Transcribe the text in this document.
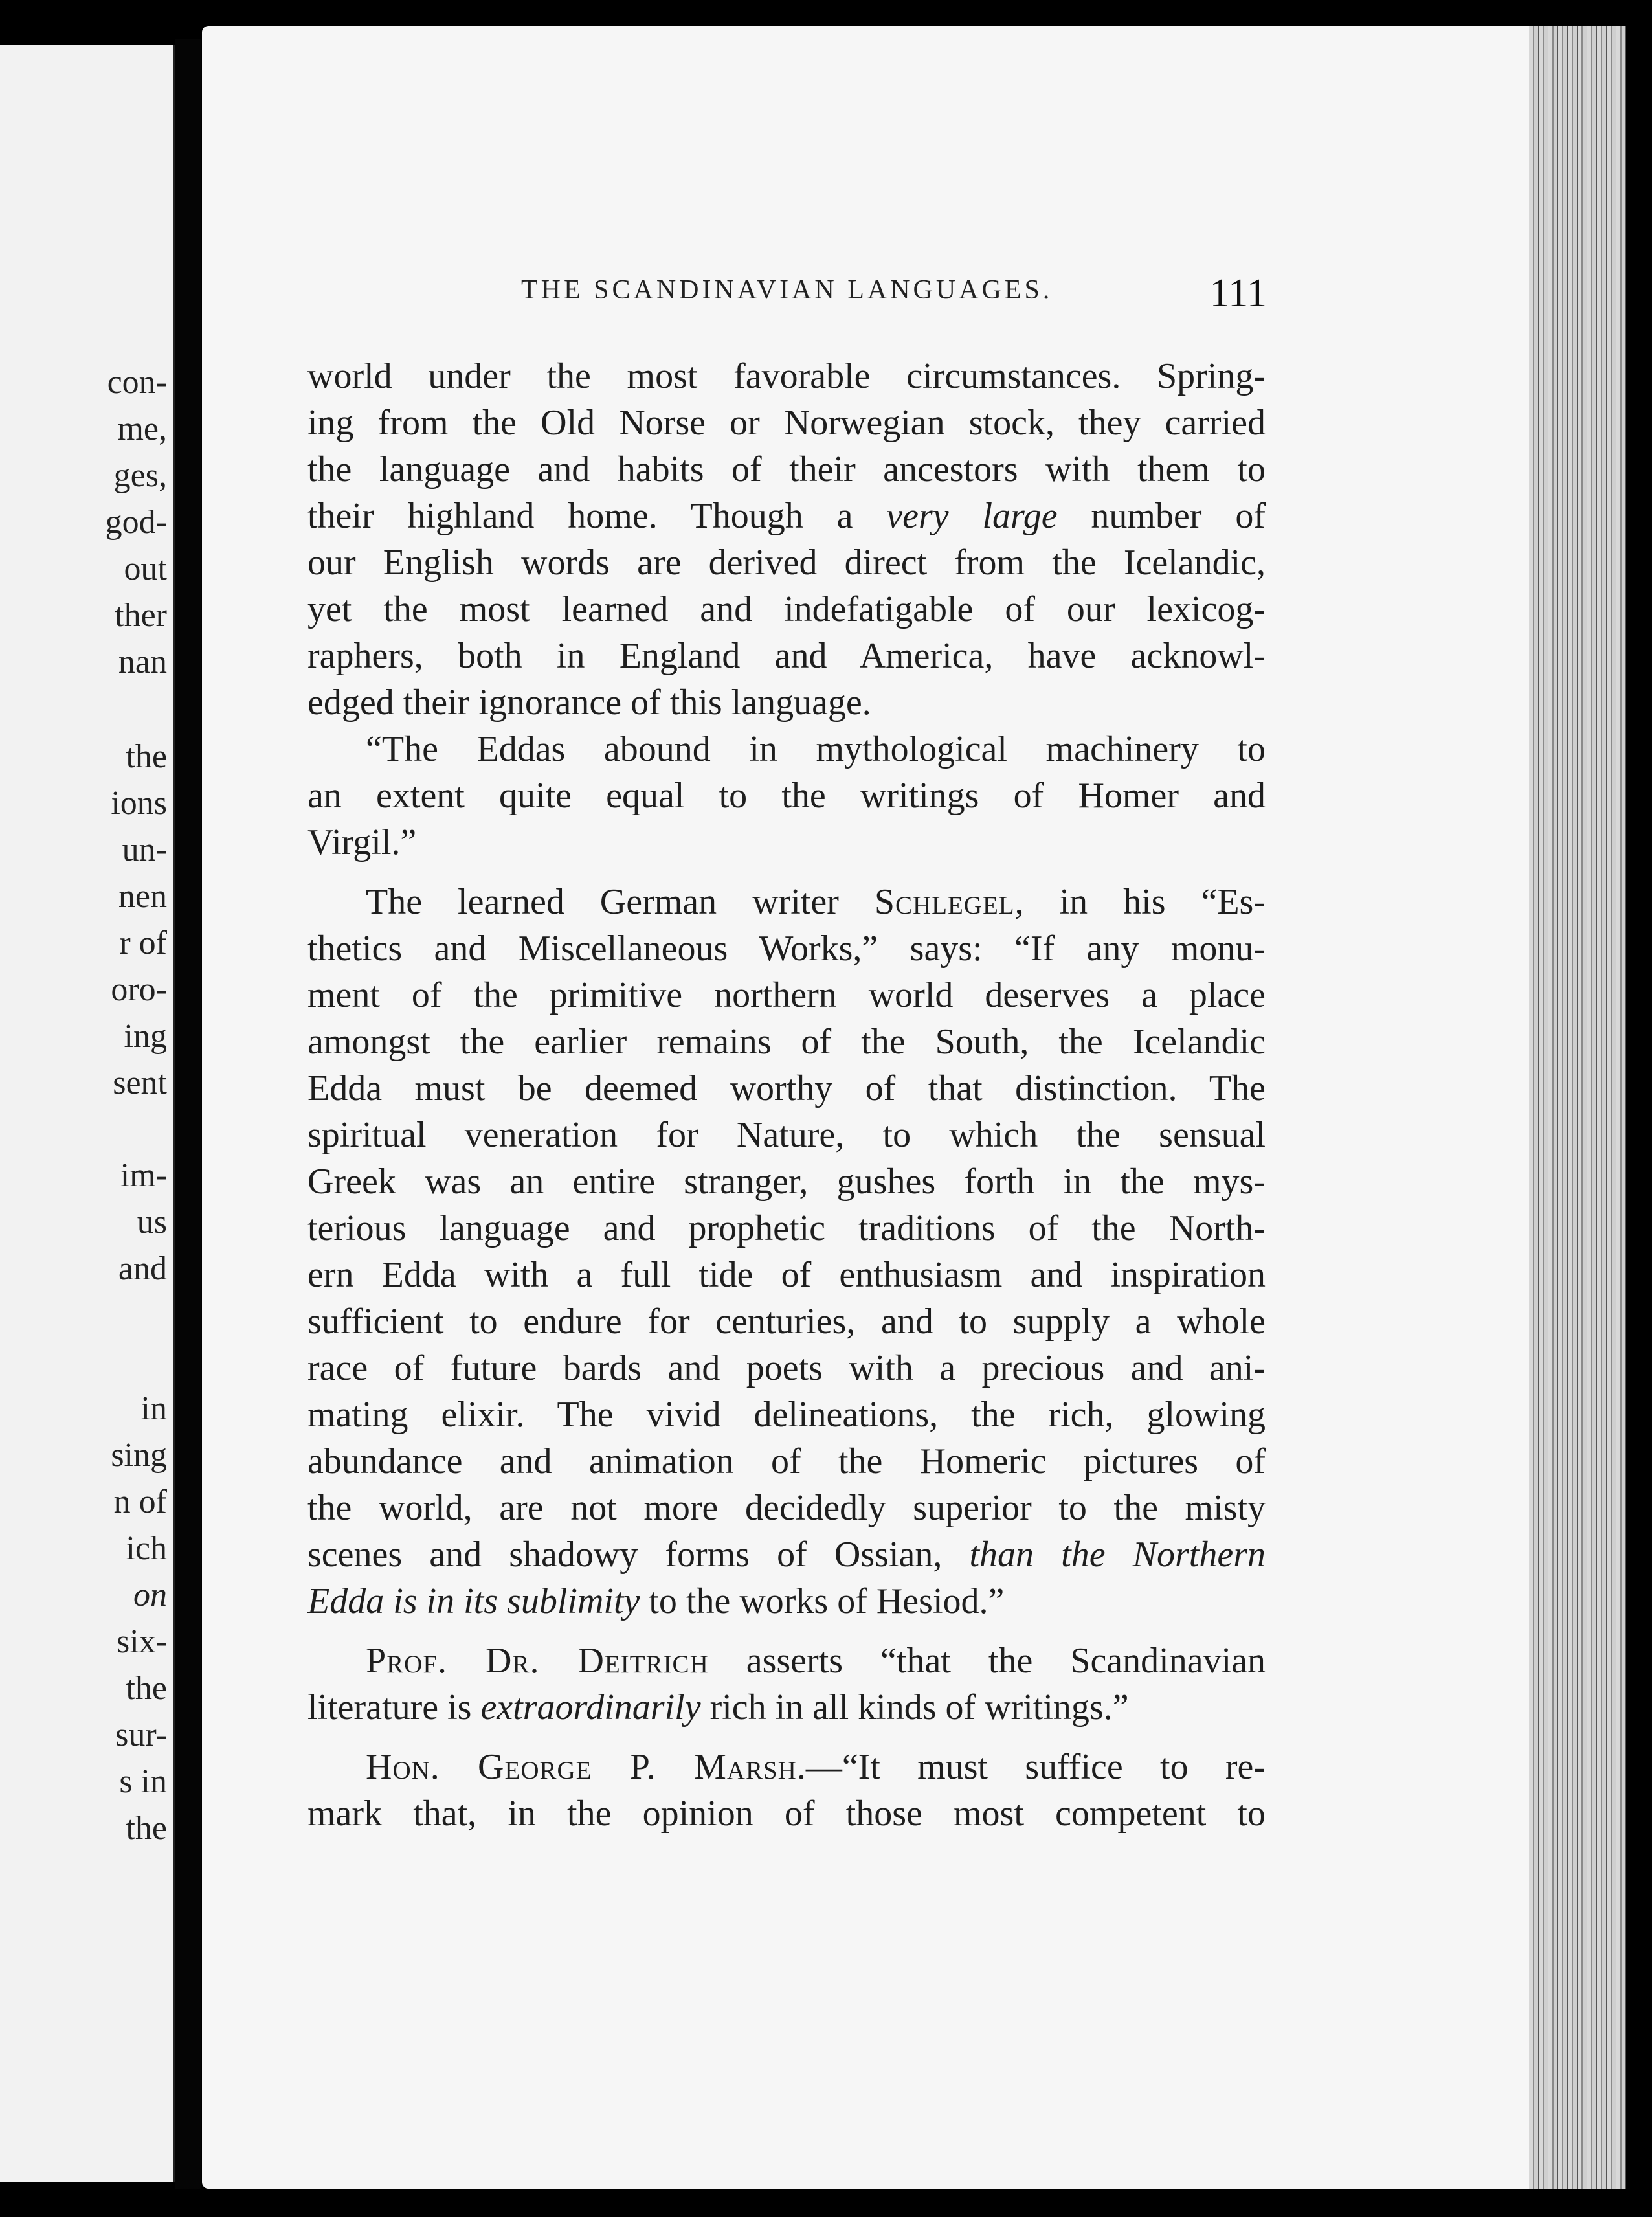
con-
me,
ges,
god-
out
ther
nan
the
ions
un-
nen
r of
oro-
ing
sent
im-
us
and
in
sing
n of
ich
on
six-
the
sur-
s in
the
THE SCANDINAVIAN LANGUAGES.	111
world under the most favorable circumstances. Spring-
ing from the Old Norse or Norwegian stock, they carried
the language and habits of their ancestors with them to
their highland home. Though a very large number of
our English words are derived direct from the Icelandic,
yet the most learned and indefatigable of our lexicog-
raphers, both in England and America, have acknowl-
edged their ignorance of this language.
“The Eddas abound in mythological machinery to
an extent quite equal to the writings of Homer and
Virgil.”
The learned German writer Schlegel, in his “Es-
thetics and Miscellaneous Works,” says: “If any monu-
ment of the primitive northern world deserves a place
amongst the earlier remains of the South, the Icelandic
Edda must be deemed worthy of that distinction. The
spiritual veneration for Nature, to which the sensual
Greek was an entire stranger, gushes forth in the mys-
terious language and prophetic traditions of the North-
ern Edda with a full tide of enthusiasm and inspiration
sufficient to endure for centuries, and to supply a whole
race of future bards and poets with a precious and ani-
mating elixir. The vivid delineations, the rich, glowing
abundance and animation of the Homeric pictures of
the world, are not more decidedly superior to the misty
scenes and shadowy forms of Ossian, than the Northern
Edda is in its sublimity to the works of Hesiod.”
Prof. Dr. Deitrich asserts “that the Scandinavian
literature is extraordinarily rich in all kinds of writings.”
Hon. George P. Marsh.—“It must suffice to re-
mark that, in the opinion of those most competent to
